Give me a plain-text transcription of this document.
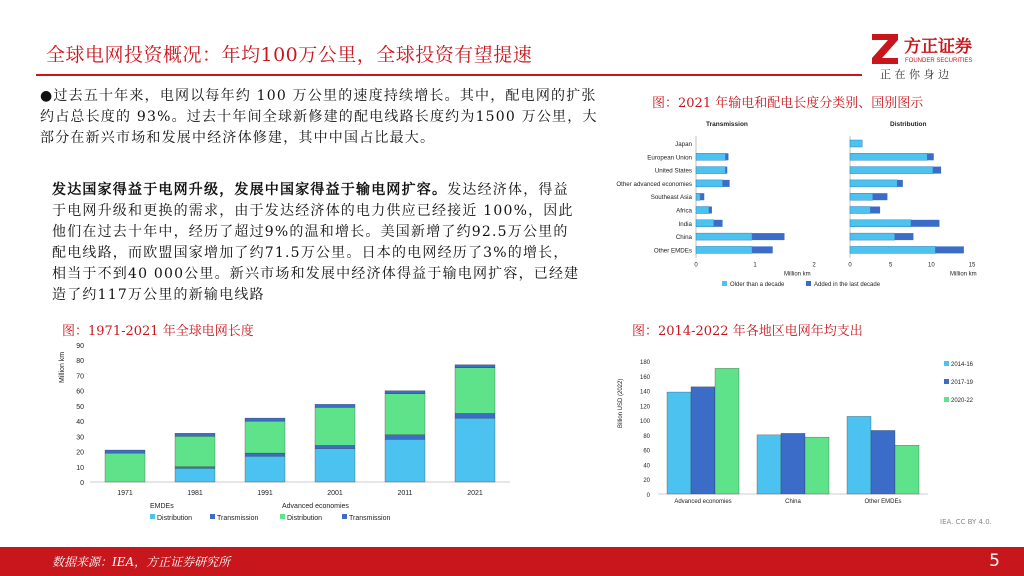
全球电网投资概况：年均100万公里，全球投资有望提速	方正证券
FOUNDER SECURITIES
正 在 你 身 边
●过去五十年来，电网以每年约 100 万公里的速度持续增长。其中，配电网的扩张约占总长度的 93%。过去十年间全球新修建的配电线路长度约为1500 万公里，大部分在新兴市场和发展中经济体修建，其中中国占比最大。
发达国家得益于电网升级，发展中国家得益于输电网扩容。发达经济体，得益于电网升级和更换的需求，由于发达经济体的电力供应已经接近 100%，因此他们在过去十年中，经历了超过9%的温和增长。美国新增了约92.5万公里的配电线路，而欧盟国家增加了约71.5万公里。日本的电网经历了3%的增长，相当于不到40 000公里。新兴市场和发展中经济体得益于输电网扩容，已经建造了约117万公里的新输电线路
图：2021 年输电和配电长度分类别、国别图示
图：1971-2021 年全球电网长度	图：2014-2022 年各地区电网年均支出
Japan
European Union
United States
Other advanced economies
Southeast Asia
Africa
India
China
Other EMDEs
Transmission
0	1	2
Million km
Distribution
0	5	10	15
Million km
Older than a decade	Added in the last decade
0
10
20
30
40
50
60
70
80
90
Million km
1971	1981	1991	2001	2011	2021
EMDEs	Advanced economies
Distribution	Transmission	Distribution	Transmission
0
20
40
60
80
100
120
140
160
180
Billion USD (2022)
Advanced economies	China	Other EMDEs
2014-16
2017-19
2020-22
IEA. CC BY 4.0.
数据来源：IEA，方正证券研究所	5
